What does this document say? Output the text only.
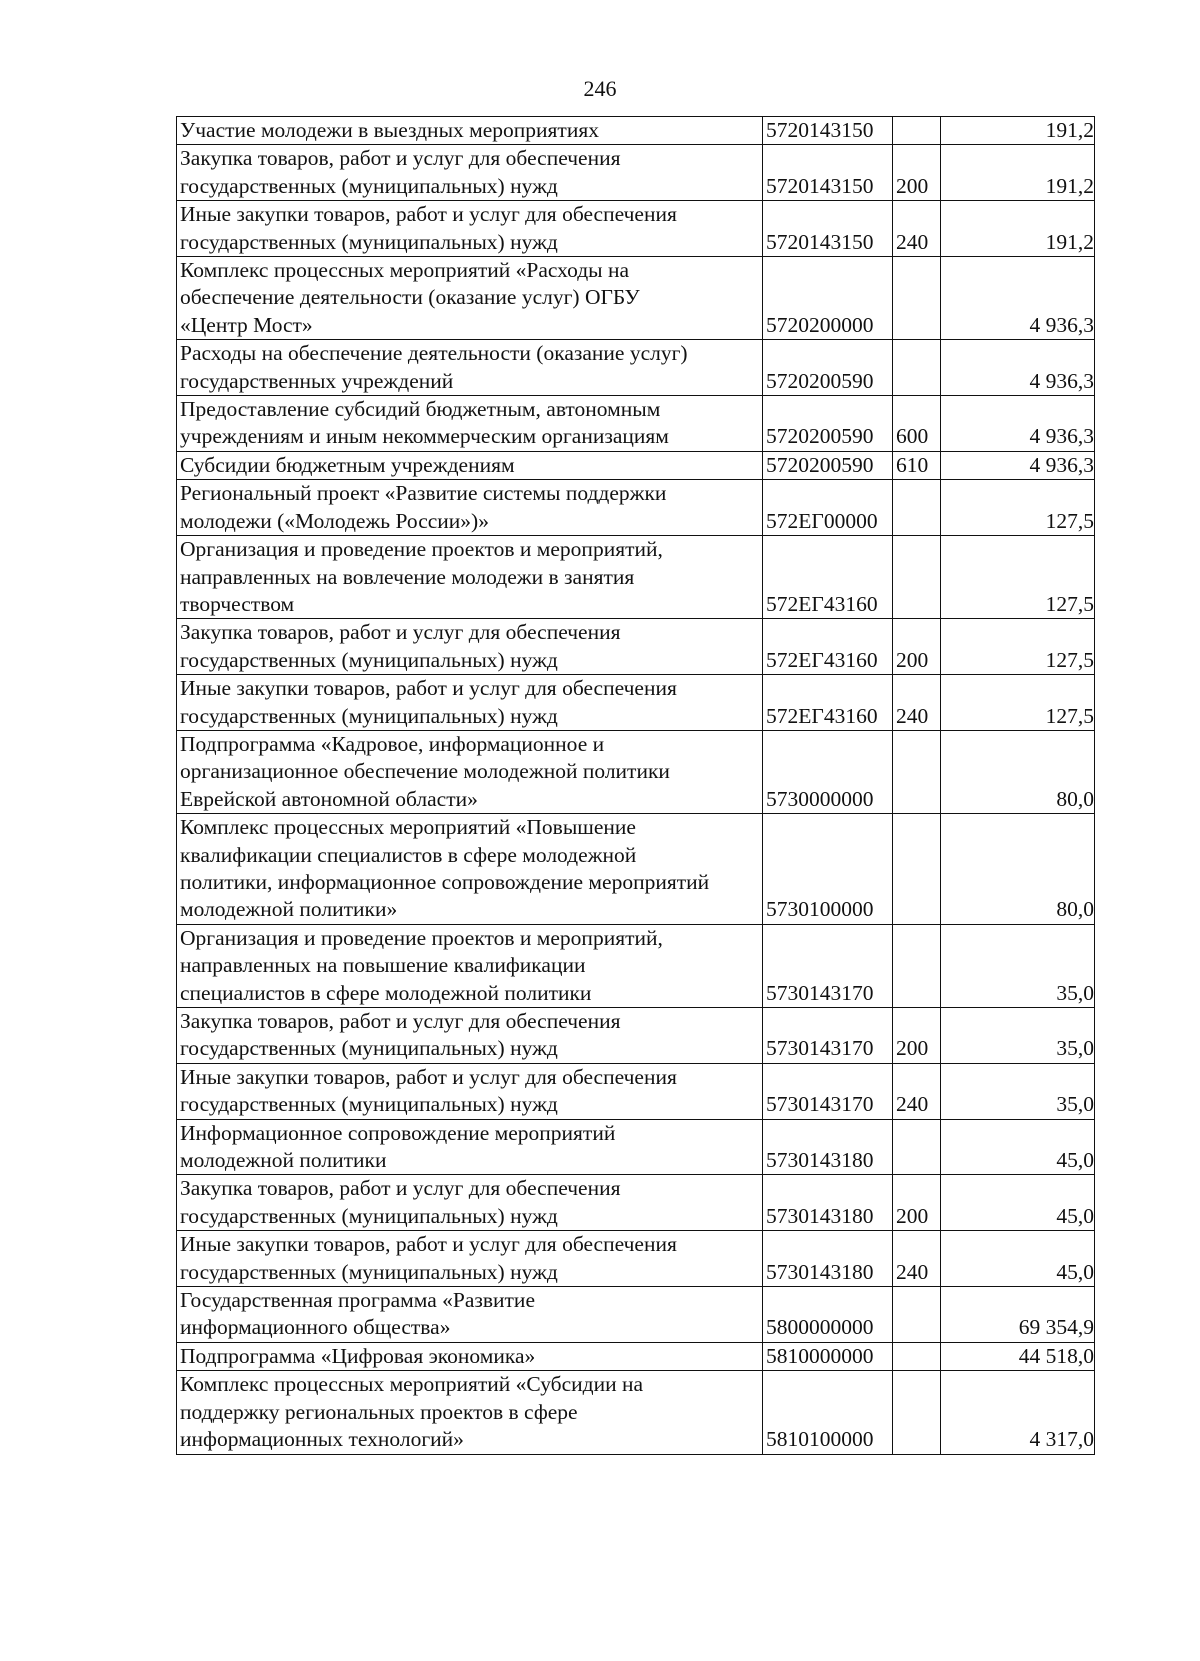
246
Участие молодежи в выездных мероприятиях	5720143150		191,2
Закупка товаров, работ и услуг для обеспечения
государственных (муниципальных) нужд	5720143150	200	191,2
Иные закупки товаров, работ и услуг для обеспечения
государственных (муниципальных) нужд	5720143150	240	191,2
Комплекс процессных мероприятий «Расходы на
обеспечение деятельности (оказание услуг) ОГБУ
«Центр Мост»	5720200000		4 936,3
Расходы на обеспечение деятельности (оказание услуг)
государственных учреждений	5720200590		4 936,3
Предоставление субсидий бюджетным, автономным
учреждениям и иным некоммерческим организациям	5720200590	600	4 936,3
Субсидии бюджетным учреждениям	5720200590	610	4 936,3
Региональный проект «Развитие системы поддержки
молодежи («Молодежь России»)»	572ЕГ00000		127,5
Организация и проведение проектов и мероприятий,
направленных на вовлечение молодежи в занятия
творчеством	572ЕГ43160		127,5
Закупка товаров, работ и услуг для обеспечения
государственных (муниципальных) нужд	572ЕГ43160	200	127,5
Иные закупки товаров, работ и услуг для обеспечения
государственных (муниципальных) нужд	572ЕГ43160	240	127,5
Подпрограмма «Кадровое, информационное и
организационное обеспечение молодежной политики
Еврейской автономной области»	5730000000		80,0
Комплекс процессных мероприятий «Повышение
квалификации специалистов в сфере молодежной
политики, информационное сопровождение мероприятий
молодежной политики»	5730100000		80,0
Организация и проведение проектов и мероприятий,
направленных на повышение квалификации
специалистов в сфере молодежной политики	5730143170		35,0
Закупка товаров, работ и услуг для обеспечения
государственных (муниципальных) нужд	5730143170	200	35,0
Иные закупки товаров, работ и услуг для обеспечения
государственных (муниципальных) нужд	5730143170	240	35,0
Информационное сопровождение мероприятий
молодежной политики	5730143180		45,0
Закупка товаров, работ и услуг для обеспечения
государственных (муниципальных) нужд	5730143180	200	45,0
Иные закупки товаров, работ и услуг для обеспечения
государственных (муниципальных) нужд	5730143180	240	45,0
Государственная программа «Развитие
информационного общества»	5800000000		69 354,9
Подпрограмма «Цифровая экономика»	5810000000		44 518,0
Комплекс процессных мероприятий «Субсидии на
поддержку региональных проектов в сфере
информационных технологий»	5810100000		4 317,0
